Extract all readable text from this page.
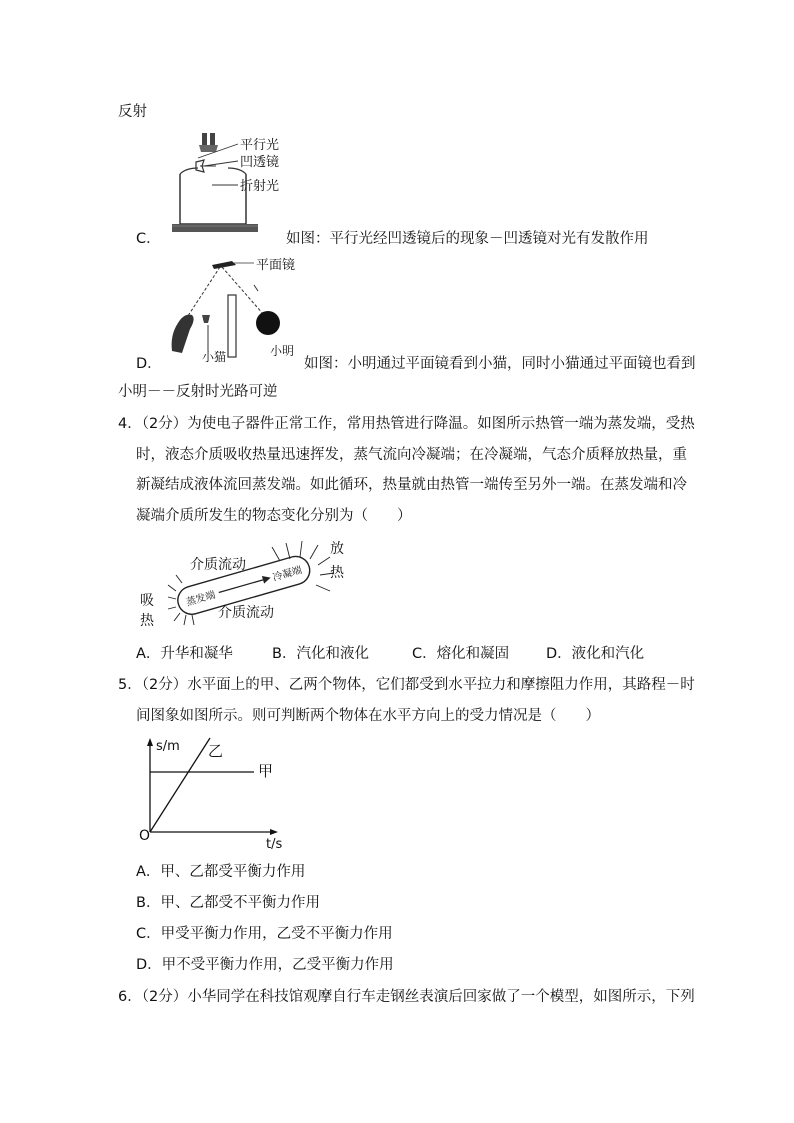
反射
平行光
凹透镜
折射光
C．	如图：平行光经凹透镜后的现象－凹透镜对光有发散作用
平面镜
小猫	小明
D．	如图：小明通过平面镜看到小猫，同时小猫通过平面镜也看到
小明－－反射时光路可逆
4．（2分）为使电子器件正常工作，常用热管进行降温。如图所示热管一端为蒸发端，受热
时，液态介质吸收热量迅速挥发，蒸气流向冷凝端；在冷凝端，气态介质释放热量，重
新凝结成液体流回蒸发端。如此循环，热量就由热管一端传至另外一端。在蒸发端和冷
凝端介质所发生的物态变化分别为（　　）
蒸发端
冷凝端
介质流动
介质流动
吸
热
放
热
A．升华和凝华	B．汽化和液化	C．熔化和凝固	D．液化和汽化
5．（2分）水平面上的甲、乙两个物体，它们都受到水平拉力和摩擦阻力作用，其路程－时
间图象如图所示。则可判断两个物体在水平方向上的受力情况是（　　）
s/m 乙
甲
O
t/s
A．甲、乙都受平衡力作用
B．甲、乙都受不平衡力作用
C．甲受平衡力作用，乙受不平衡力作用
D．甲不受平衡力作用，乙受平衡力作用
6．（2分）小华同学在科技馆观摩自行车走钢丝表演后回家做了一个模型，如图所示，下列
